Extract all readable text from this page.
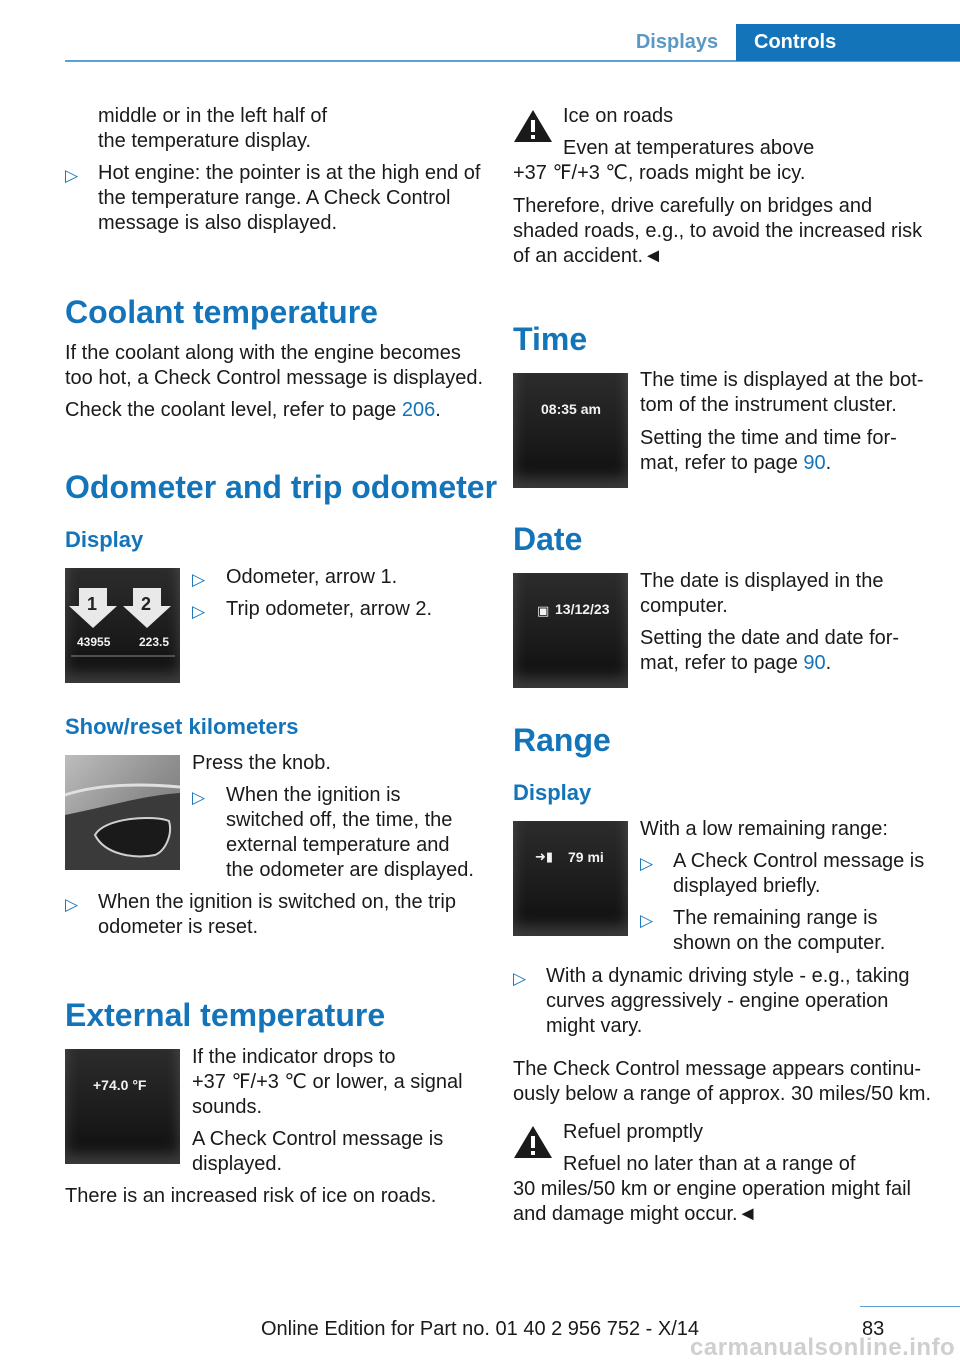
Displays	Controls
middle or in the left half of
the temperature display.
▷ Hot engine: the pointer is at the high end of
the temperature range. A Check Control
message is also displayed.
Coolant temperature
If the coolant along with the engine becomes
too hot, a Check Control message is displayed.
Check the coolant level, refer to page 206.
Odometer and trip odometer
Display
1 2
43955 223.5
▷ Odometer, arrow 1.
▷ Trip odometer, arrow 2.
Show/reset kilometers
Press the knob.
▷ When the ignition is
switched off, the time, the
external temperature and
the odometer are displayed.
▷ When the ignition is switched on, the trip
odometer is reset.
External temperature
+74.0 °F
If the indicator drops to
+37 ℉/+3 ℃ or lower, a signal
sounds.
A Check Control message is
displayed.
There is an increased risk of ice on roads.
Ice on roads
Even at temperatures above
+37 ℉/+3 ℃, roads might be icy.
Therefore, drive carefully on bridges and
shaded roads, e.g., to avoid the increased risk
of an accident.◄
Time
08:35 am
The time is displayed at the bot‐
tom of the instrument cluster.
Setting the time and time for‐
mat, refer to page 90.
Date
▣ 13/12/23
The date is displayed in the
computer.
Setting the date and date for‐
mat, refer to page 90.
Range
Display
➜▮ 79 mi
With a low remaining range:
▷ A Check Control message is
displayed briefly.
▷ The remaining range is
shown on the computer.
▷ With a dynamic driving style - e.g., taking
curves aggressively - engine operation
might vary.
The Check Control message appears continu‐
ously below a range of approx. 30 miles/50 km.
Refuel promptly
Refuel no later than at a range of
30 miles/50 km or engine operation might fail
and damage might occur.◄
83
Online Edition for Part no. 01 40 2 956 752 - X/14
carmanualsonline.info
